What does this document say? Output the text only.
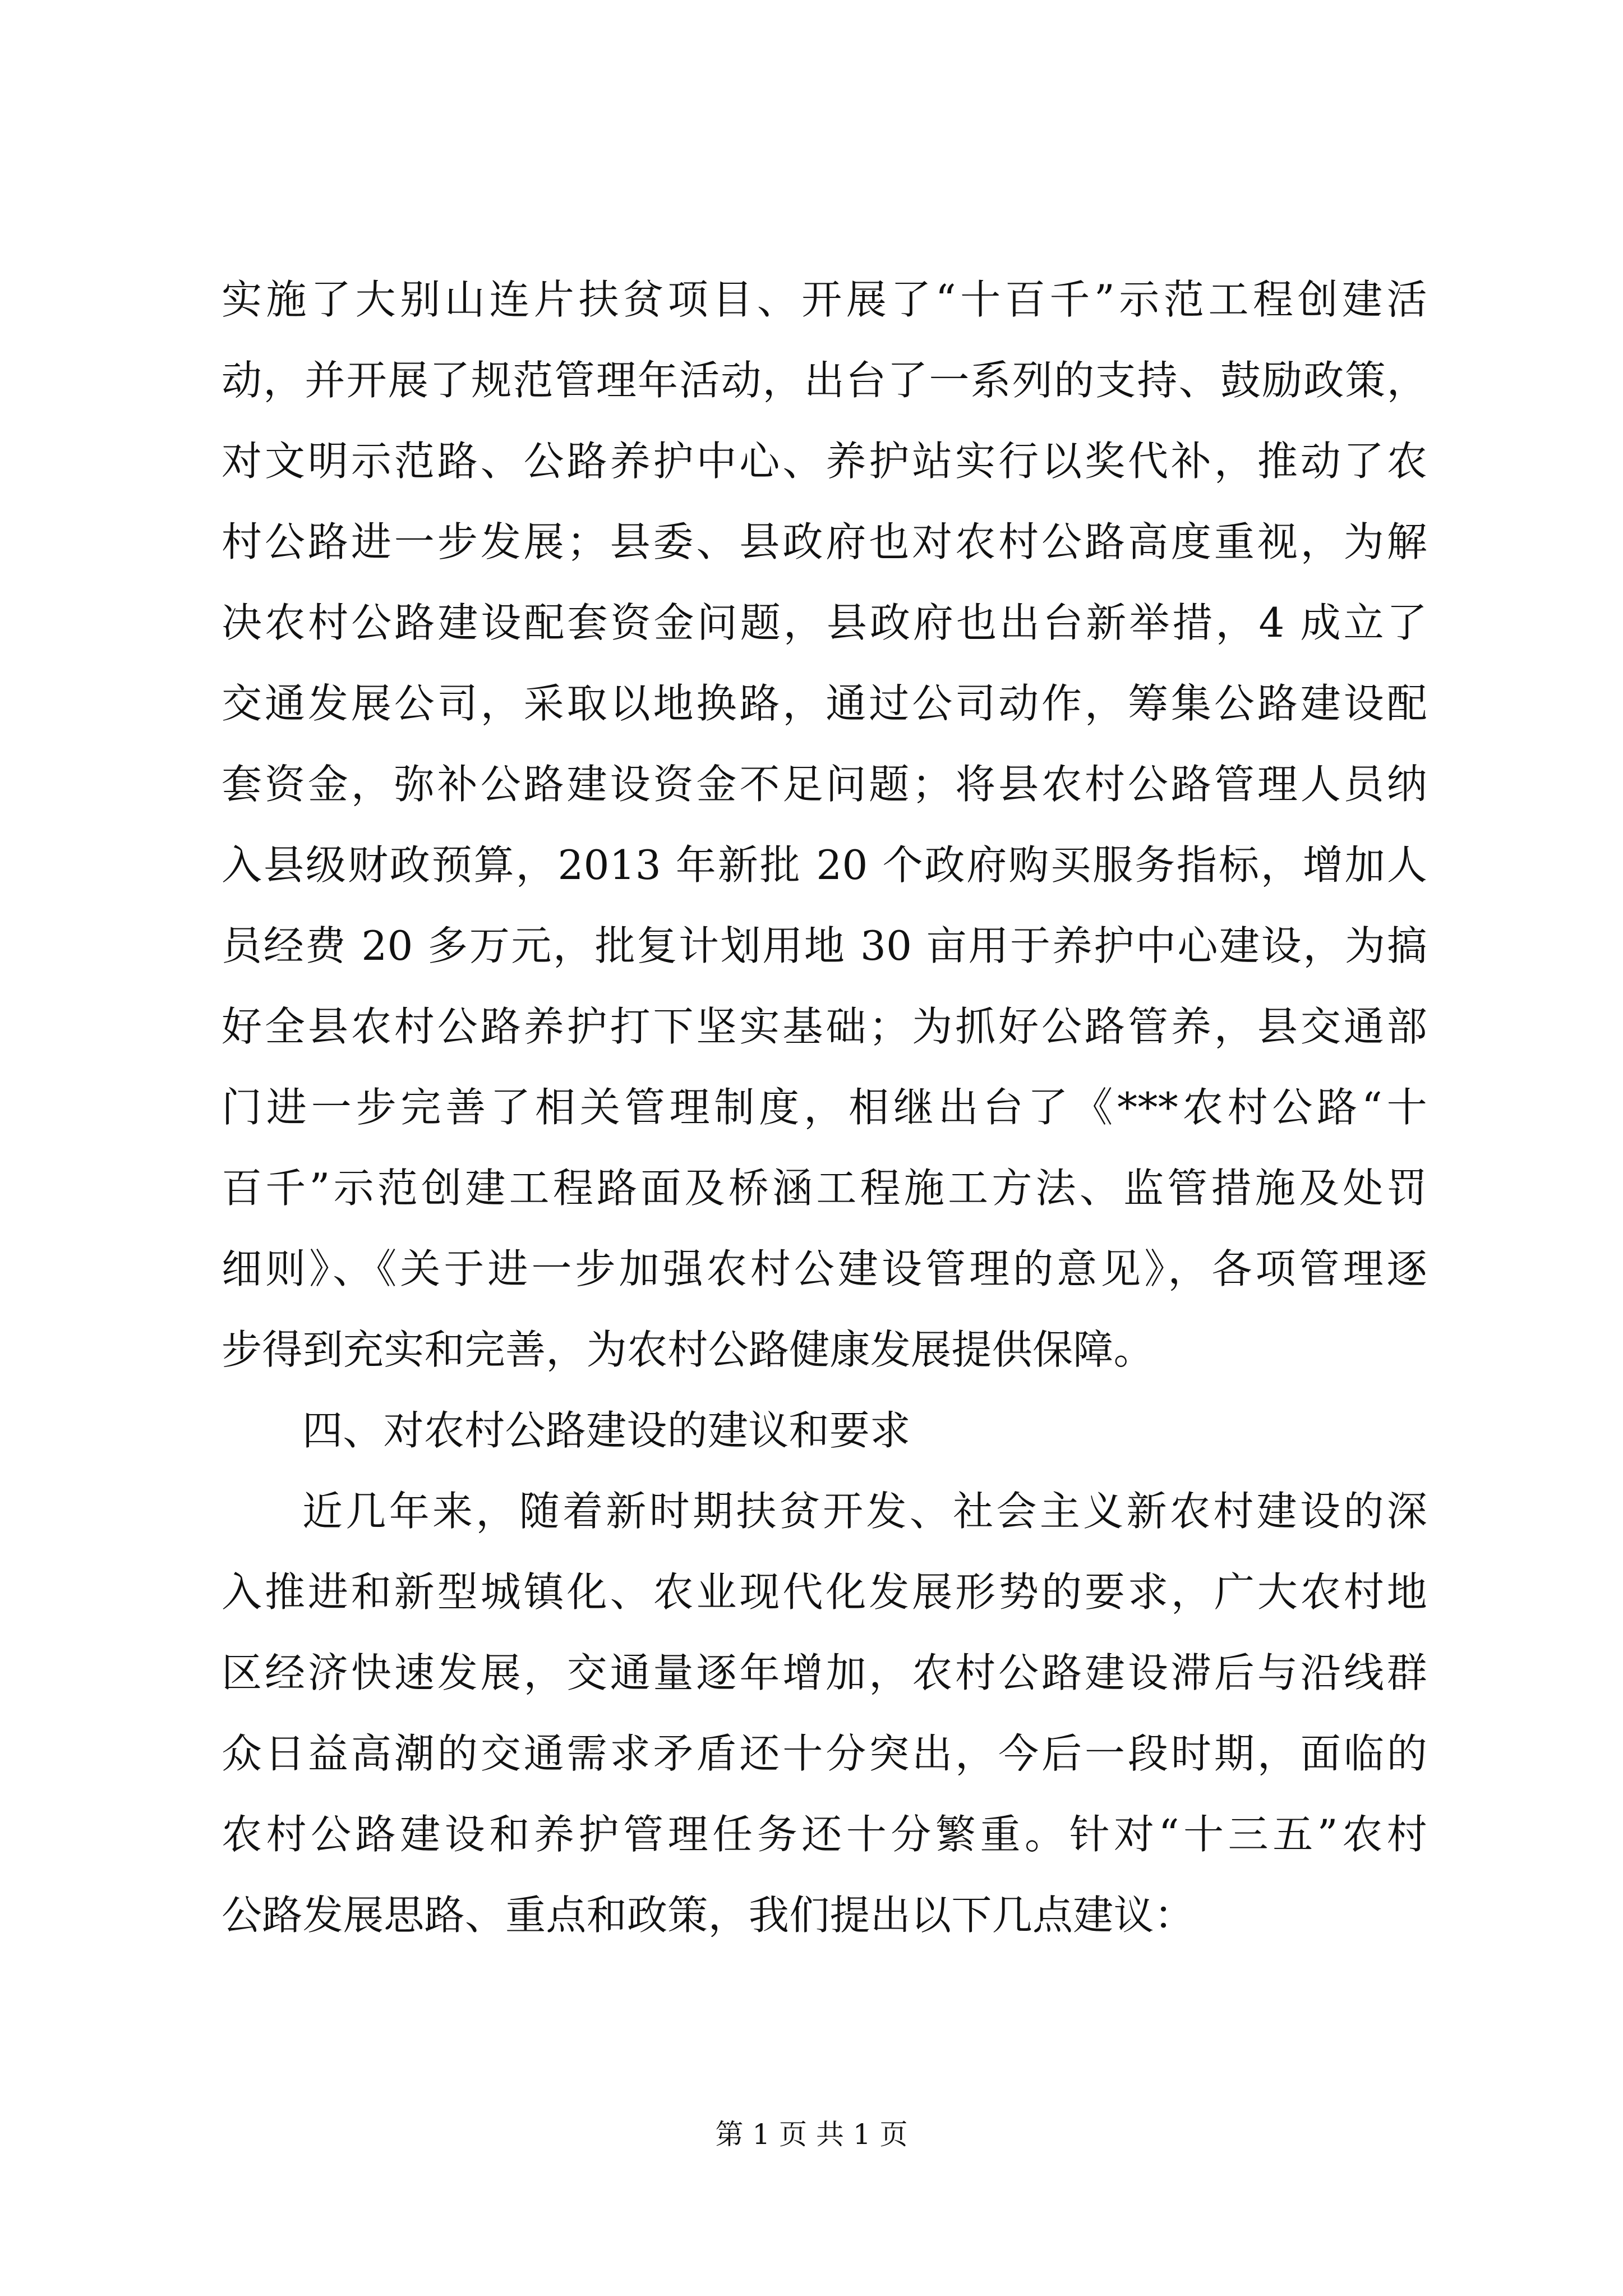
实施了大别山连片扶贫项目、开展了“十百千”示范工程创建活
动，并开展了规范管理年活动，出台了一系列的支持、鼓励政策，
对文明示范路、公路养护中心、养护站实行以奖代补，推动了农
村公路进一步发展；县委、县政府也对农村公路高度重视，为解
决农村公路建设配套资金问题，县政府也出台新举措，4 成立了
交通发展公司，采取以地换路，通过公司动作，筹集公路建设配
套资金，弥补公路建设资金不足问题；将县农村公路管理人员纳
入县级财政预算，2013 年新批 20 个政府购买服务指标，增加人
员经费 20 多万元，批复计划用地 30 亩用于养护中心建设，为搞
好全县农村公路养护打下坚实基础；为抓好公路管养，县交通部
门进一步完善了相关管理制度，相继出台了《***农村公路“十
百千”示范创建工程路面及桥涵工程施工方法、监管措施及处罚
细则》、《关于进一步加强农村公建设管理的意见》，各项管理逐
步得到充实和完善，为农村公路健康发展提供保障。
四、对农村公路建设的建议和要求
近几年来，随着新时期扶贫开发、社会主义新农村建设的深
入推进和新型城镇化、农业现代化发展形势的要求，广大农村地
区经济快速发展，交通量逐年增加，农村公路建设滞后与沿线群
众日益高潮的交通需求矛盾还十分突出，今后一段时期，面临的
农村公路建设和养护管理任务还十分繁重。针对“十三五”农村
公路发展思路、重点和政策，我们提出以下几点建议：
第 1 页 共 1 页
